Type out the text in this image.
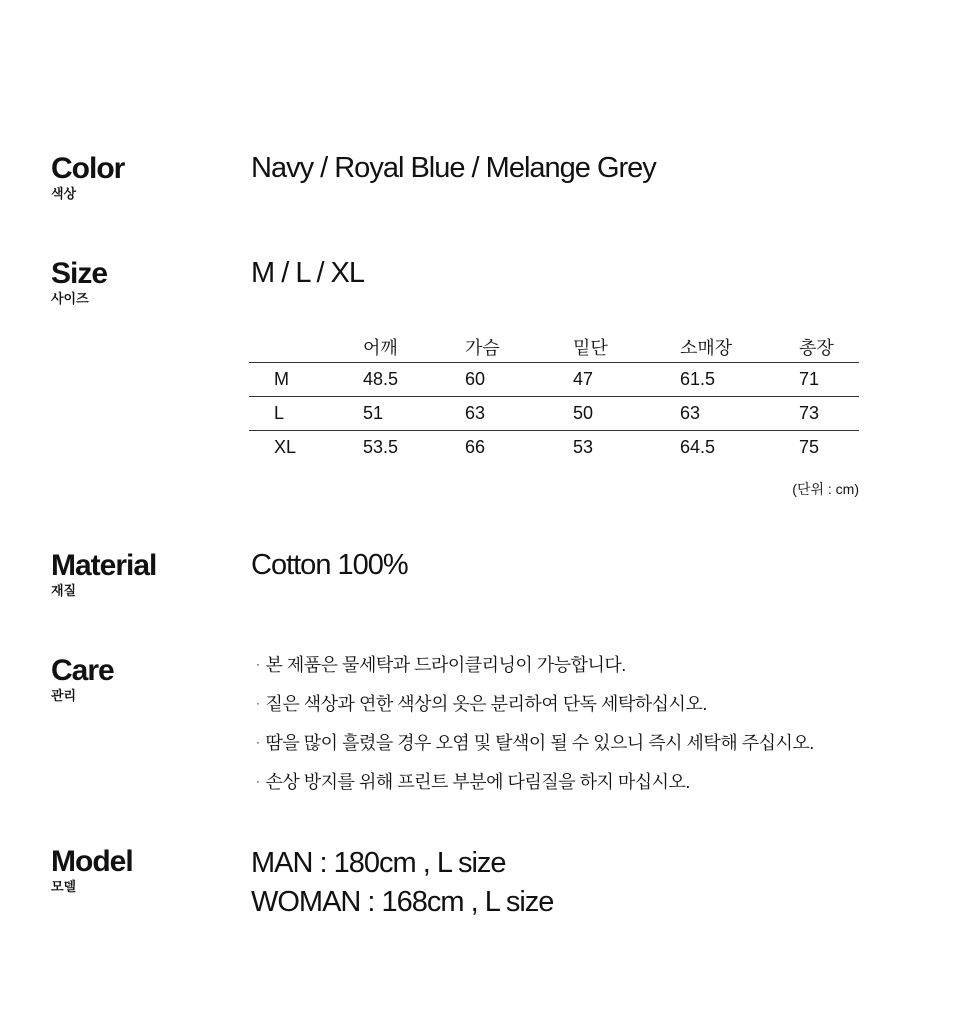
Color
색상
Navy / Royal Blue / Melange Grey
Size
사이즈
M / L / XL
	어깨	가슴	밑단	소매장	총장
M	48.5	60	47	61.5	71
L	51	63	50	63	73
XL	53.5	66	53	64.5	75
(단위 : cm)
Material
재질
Cotton 100%
Care
관리
· 본 제품은 물세탁과 드라이클리닝이 가능합니다.
· 짙은 색상과 연한 색상의 옷은 분리하여 단독 세탁하십시오.
· 땀을 많이 흘렸을 경우 오염 및 탈색이 될 수 있으니 즉시 세탁해 주십시오.
· 손상 방지를 위해 프린트 부분에 다림질을 하지 마십시오.
Model
모델
MAN : 180cm , L size
WOMAN : 168cm , L size
